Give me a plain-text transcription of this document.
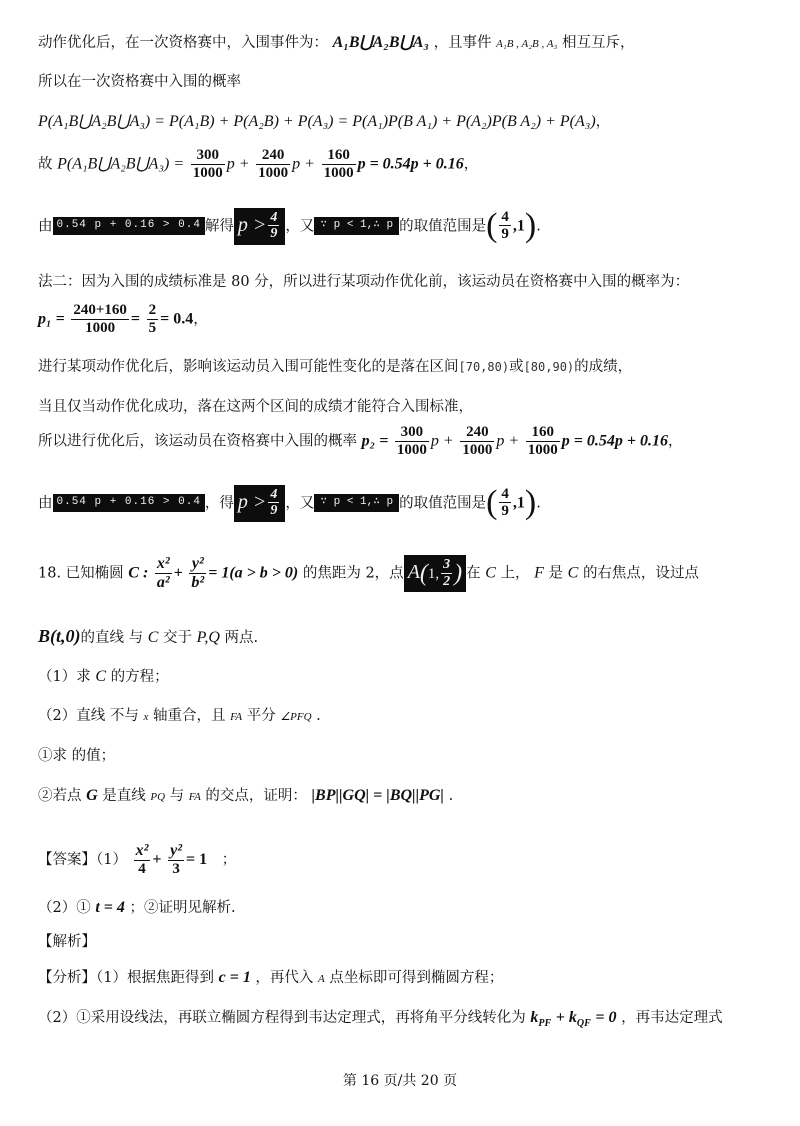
动作优化后，在一次资格赛中，入围事件为： A₁B⋃A₂B⋃A₃ ，且事件 A₁B , A₂B , A₃ 相互互斥，
所以在一次资格赛中入围的概率
P(A₁B⋃A₂B⋃A₃) = P(A₁B) + P(A₂B) + P(A₃) = P(A₁)P(B A₁) + P(A₂)P(B A₂) + P(A₃)，
故 P(A₁B⋃A₂B⋃A₃) = $\frac{300}{1000}$ $p + \frac{240}{1000}$ $p + \frac{160}{1000}$ p = 0.54p + 0.16，
由 0.54 p + 0.16 > 0.4 解得 $p > \frac{4}{9}$ ，又 ∵ p < 1,∴ p 的取值范围是( $\frac{4}{9} ,1$).
法二：因为入围的成绩标准是 80 分，所以进行某项动作优化前，该运动员在资格赛中入围的概率为：
$p_1 = \frac{240+160}{1000} = \frac{2}{5} = 0.4$，
进行某项动作优化后，影响该运动员入围可能性变化的是落在区间[70,80)或[80,90)的成绩，
当且仅当动作优化成功，落在这两个区间的成绩才能符合入围标准，
所以进行优化后，该运动员在资格赛中入围的概率 $p_2 = \frac{300}{1000}$ $p + \frac{240}{1000}$ $p + \frac{160}{1000}$ p = 0.54p + 0.16，
由 0.54 p + 0.16 > 0.4 ，得 $p > \frac{4}{9}$ ，又 ∵ p < 1,∴ p 的取值范围是( $\frac{4}{9} ,1$).
18. 已知椭圆 C : $\frac{\text{x²}}{\text{a²}} + \frac{\text{y²}}{\text{b²}} = 1(a > b > 0)$ 的焦距为 2，点 A(1, $\frac{3}{2}$ ) 在 C 上， F 是 C 的右焦点，设过点
B(t,0)的直线 与 C 交于 P,Q 两点.
（1）求 C 的方程；
（2）直线 不与 x 轴重合，且 FA 平分 ∠PFQ .
①求 的值；
②若点 G 是直线 PQ 与 FA 的交点，证明： |BP||GQ| = |BQ||PG| .
【答案】$(1) \frac{\text{x²}}{4} + \frac{\text{y²}}{3} = 1$ ；
（2）① t = 4 ；②证明见解析.
【解析】
【分析】（1）根据焦距得到 c = 1 ，再代入 A 点坐标即可得到椭圆方程；
（2）①采用设线法，再联立椭圆方程得到韦达定理式，再将角平分线转化为 $k_{PF} + k_{QF} = 0$ ，再韦达定理式
第 16 页/共 20 页
